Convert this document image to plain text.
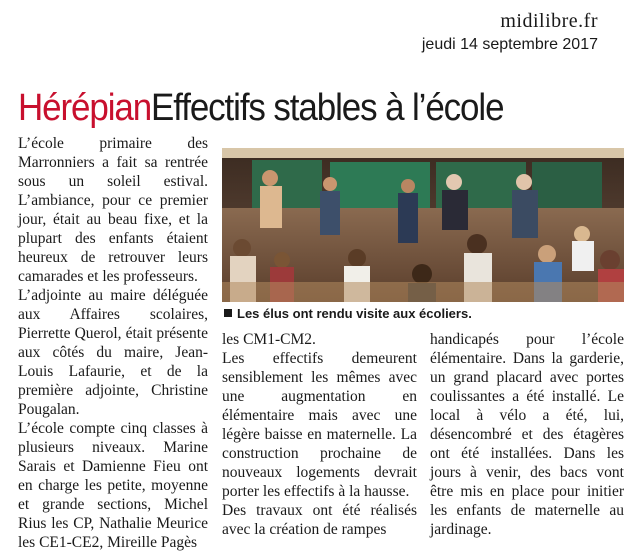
midilibre.fr
jeudi 14 septembre 2017
HérépianEffectifs stables à l’école

L’école primaire des Marronniers a fait sa rentrée sous un soleil estival. L’ambiance, pour ce premier jour, était au beau fixe, et la plupart des enfants étaient heureux de retrouver leurs camarades et les professeurs.

L’adjointe au maire déléguée aux Affaires scolaires, Pierrette Querol, était présente aux côtés du maire, Jean-Louis Lafaurie, et de la première adjointe, Christine Pougalan.

L’école compte cinq classes à plusieurs niveaux. Marine Sarais et Damienne Fieu ont en charge les petite, moyenne et grande sections, Michel Rius les CP, Nathalie Meurice les CE1-CE2, Mireille Pagès

Les élus ont rendu visite aux écoliers.

les CM1-CM2.

Les effectifs demeurent sensiblement les mêmes avec une augmentation en élémentaire mais avec une légère baisse en maternelle. La construction prochaine de nouveaux logements devrait porter les effectifs à la hausse.

Des travaux ont été réalisés avec la création de rampes

handicapés pour l’école élémentaire. Dans la garderie, un grand placard avec portes coulissantes a été installé. Le local à vélo a été, lui, désencombré et des étagères ont été installées. Dans les jours à venir, des bacs vont être mis en place pour initier les enfants de maternelle au jardinage.
